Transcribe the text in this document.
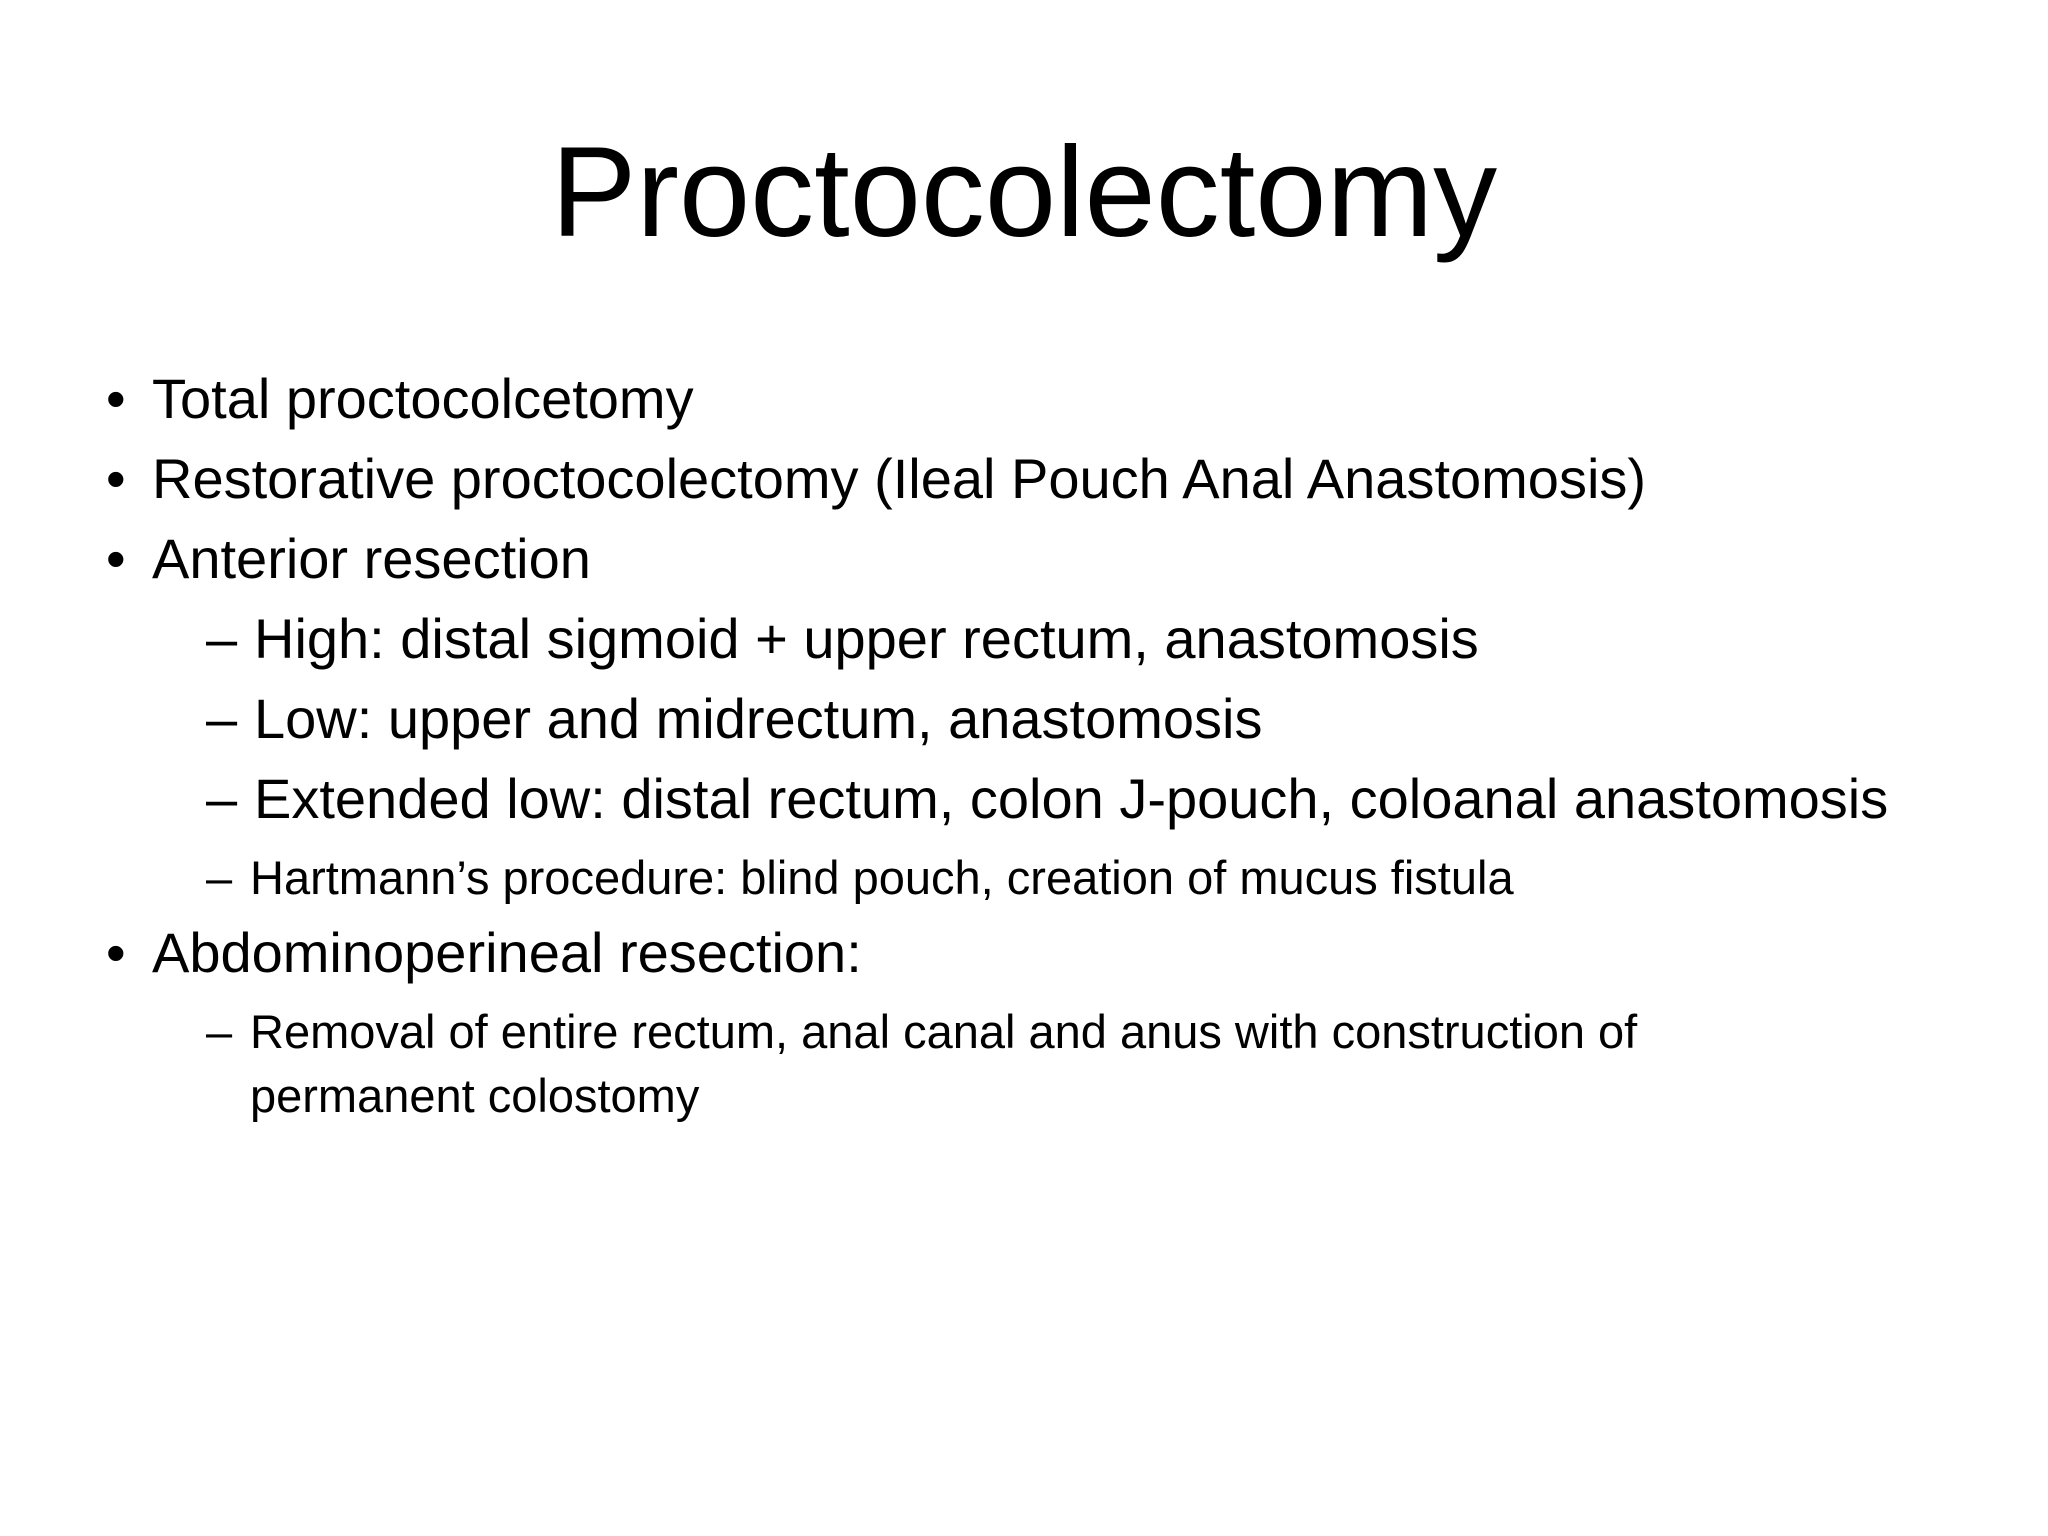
Proctocolectomy
• Total proctocolcetomy
• Restorative proctocolectomy (Ileal Pouch Anal Anastomosis)
• Anterior resection
– High: distal sigmoid + upper rectum, anastomosis
– Low: upper and midrectum, anastomosis
– Extended low: distal rectum, colon J-pouch, coloanal anastomosis
– Hartmann’s procedure: blind pouch, creation of mucus fistula
• Abdominoperineal resection:
– Removal of entire rectum, anal canal and anus with construction of
permanent colostomy
